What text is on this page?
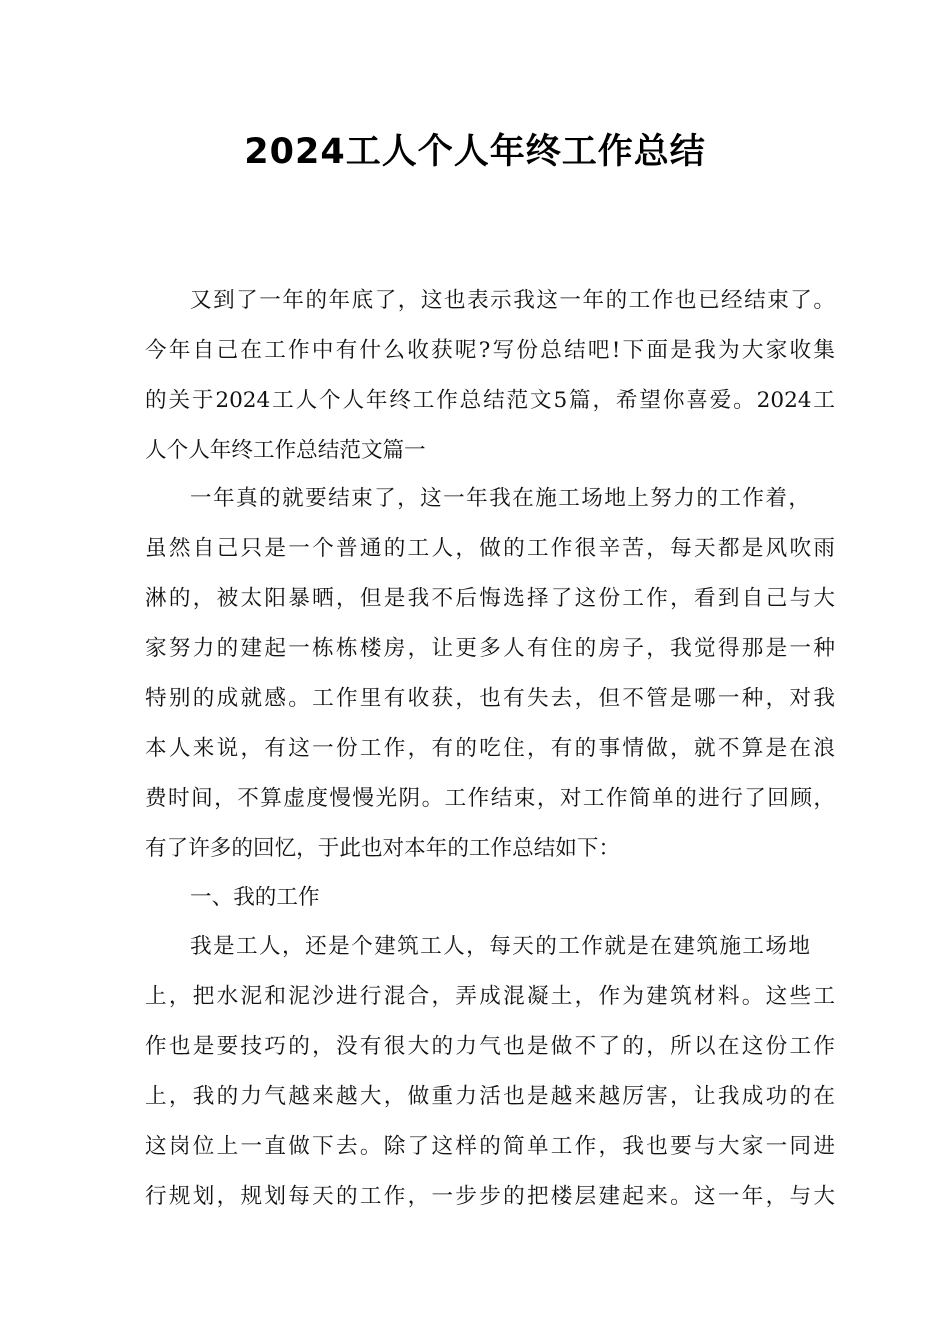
2024工人个人年终工作总结

又到了一年的年底了，这也表示我这一年的工作也已经结束了。

今年自己在工作中有什么收获呢?写份总结吧!下面是我为大家收集

的关于2024工人个人年终工作总结范文5篇，希望你喜爱。2024工

人个人年终工作总结范文篇一

一年真的就要结束了，这一年我在施工场地上努力的工作着，

虽然自己只是一个普通的工人，做的工作很辛苦，每天都是风吹雨

淋的，被太阳暴晒，但是我不后悔选择了这份工作，看到自己与大

家努力的建起一栋栋楼房，让更多人有住的房子，我觉得那是一种

特别的成就感。工作里有收获，也有失去，但不管是哪一种，对我

本人来说，有这一份工作，有的吃住，有的事情做，就不算是在浪

费时间，不算虚度慢慢光阴。工作结束，对工作简单的进行了回顾，

有了许多的回忆，于此也对本年的工作总结如下：

一、我的工作

我是工人，还是个建筑工人，每天的工作就是在建筑施工场地

上，把水泥和泥沙进行混合，弄成混凝土，作为建筑材料。这些工

作也是要技巧的，没有很大的力气也是做不了的，所以在这份工作

上，我的力气越来越大，做重力活也是越来越厉害，让我成功的在

这岗位上一直做下去。除了这样的简单工作，我也要与大家一同进

行规划，规划每天的工作，一步步的把楼层建起来。这一年，与大
